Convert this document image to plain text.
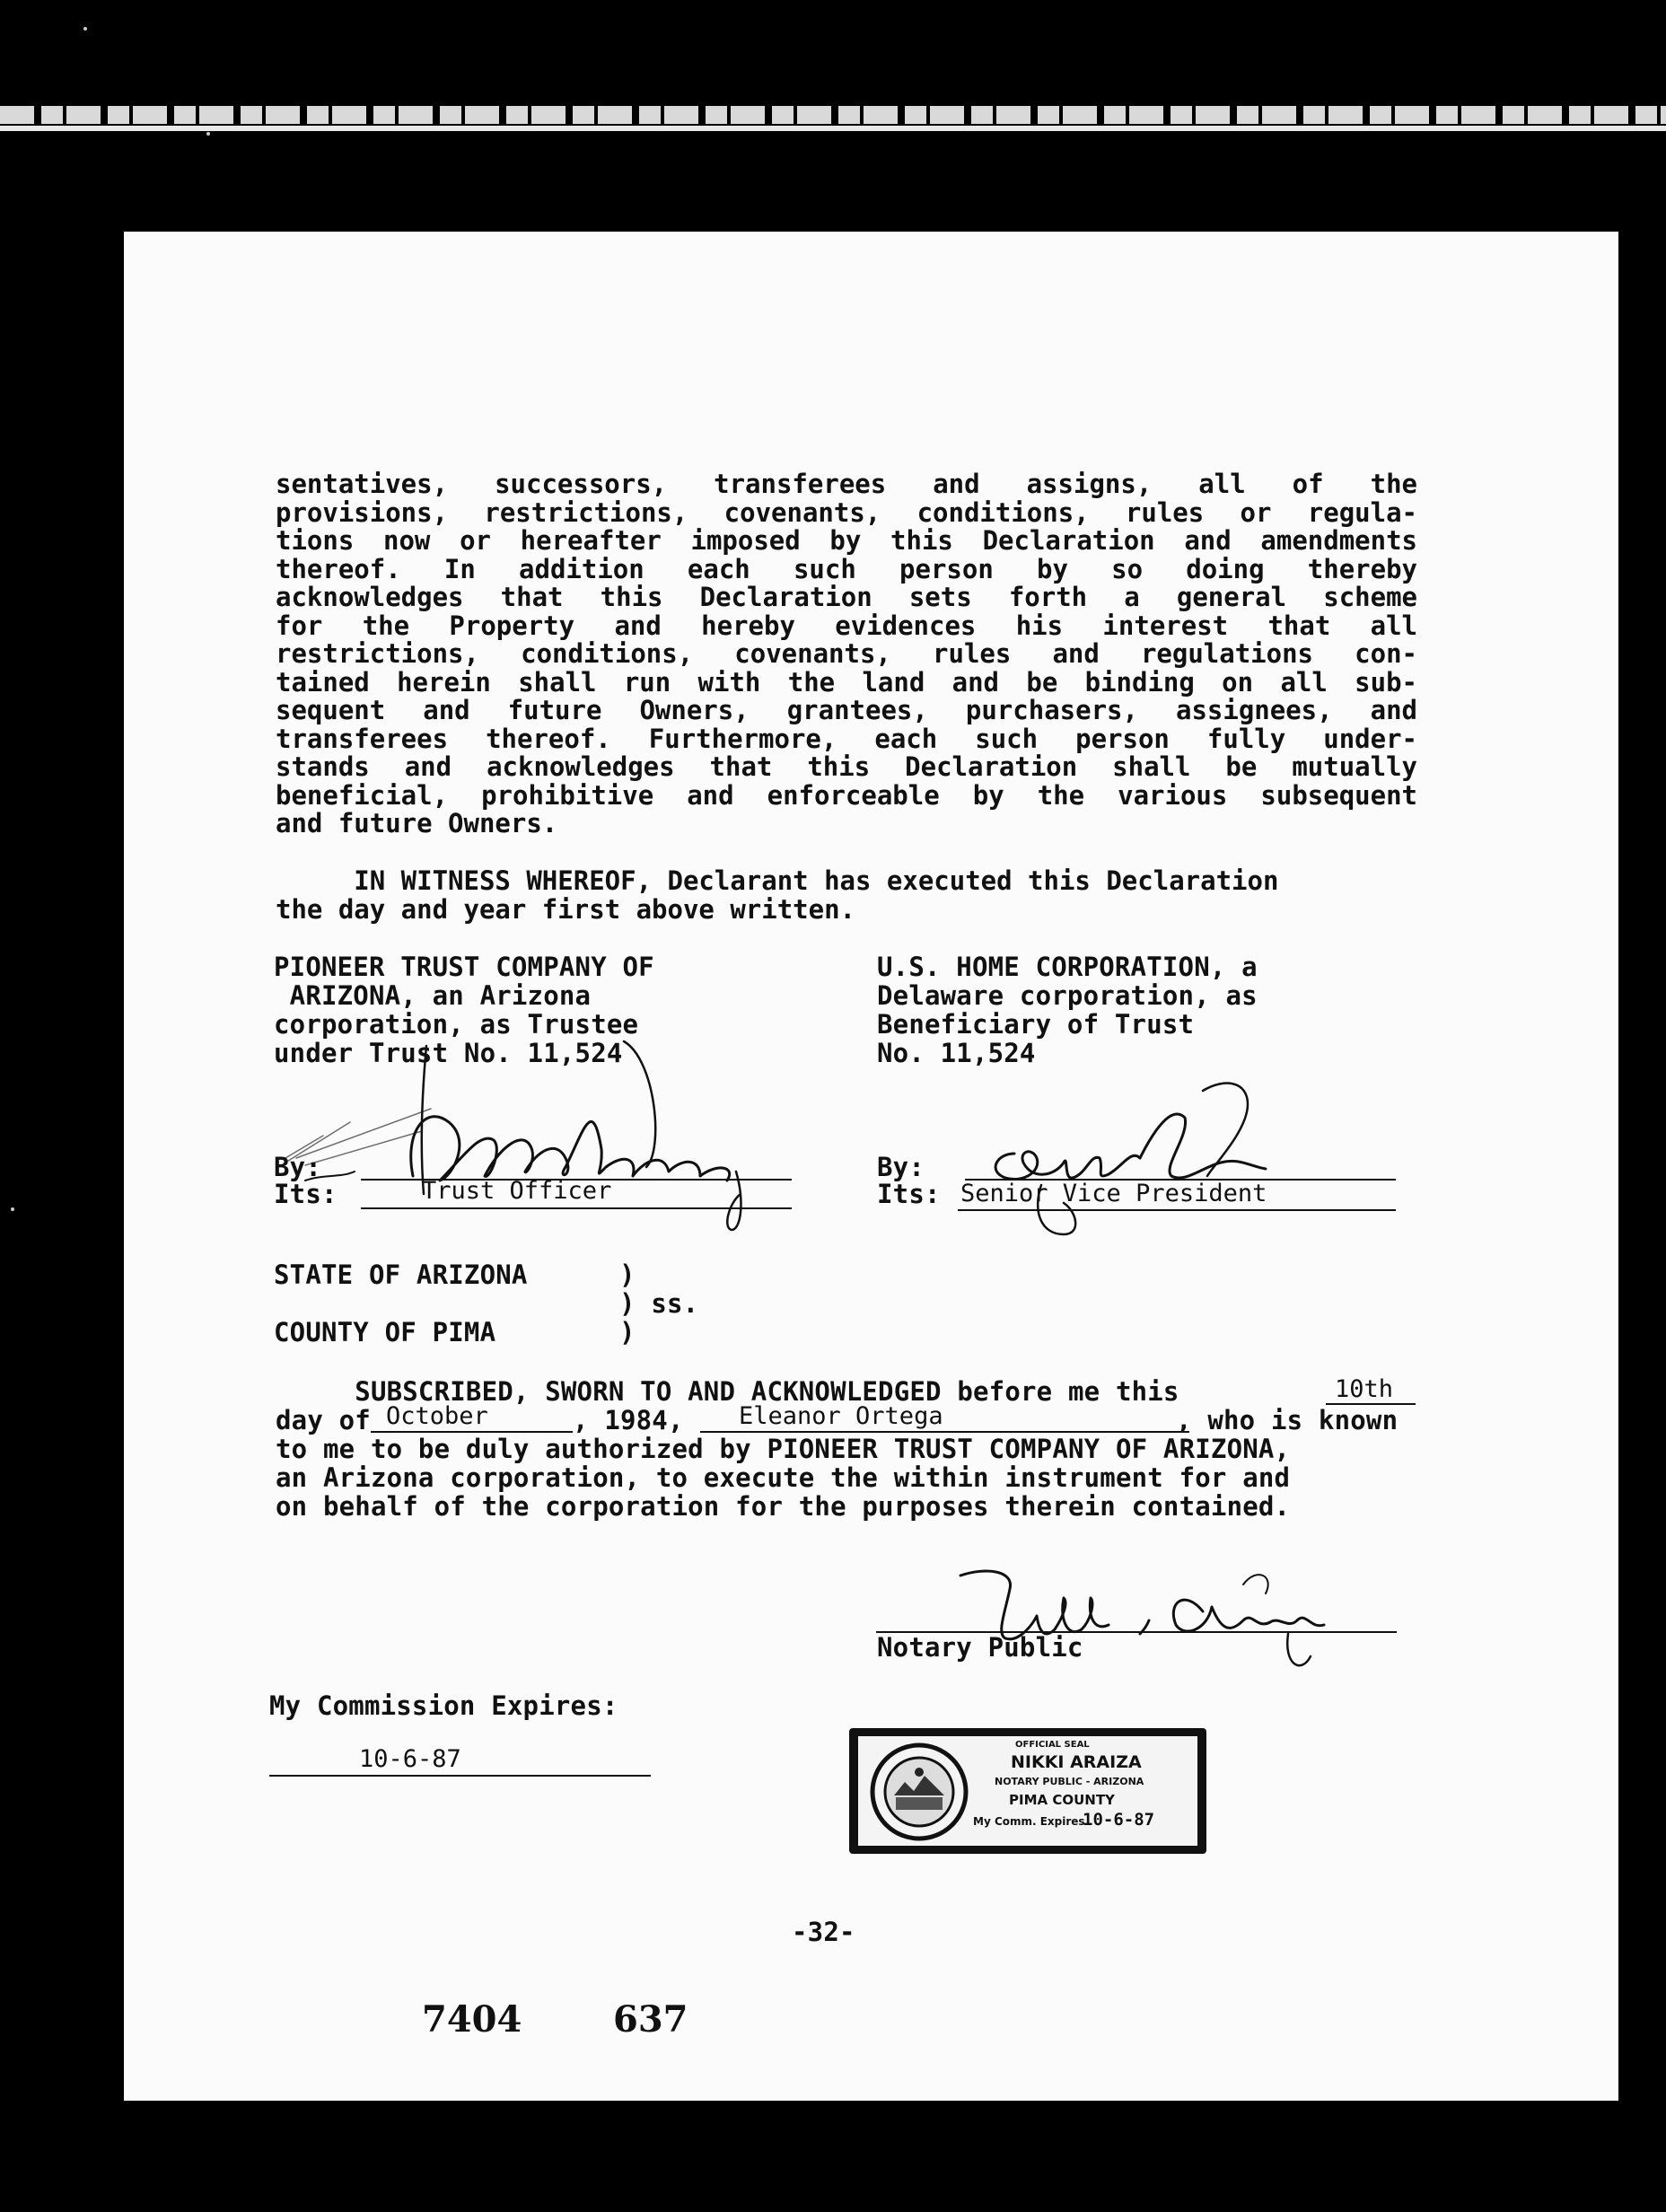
sentatives, successors, transferees and assigns, all of the
provisions, restrictions, covenants, conditions, rules or regula-
tions now or hereafter imposed by this Declaration and amendments
thereof. In addition each such person by so doing thereby
acknowledges that this Declaration sets forth a general scheme
for the Property and hereby evidences his interest that all
restrictions, conditions, covenants, rules and regulations con-
tained herein shall run with the land and be binding on all sub-
sequent and future Owners, grantees, purchasers, assignees, and
transferees thereof. Furthermore, each such person fully under-
stands and acknowledges that this Declaration shall be mutually
beneficial, prohibitive and enforceable by the various subsequent
and future Owners.
IN WITNESS WHEREOF, Declarant has executed this Declaration
the day and year first above written.
PIONEER TRUST COMPANY OF
ARIZONA, an Arizona
corporation, as Trustee
under Trust No. 11,524
U.S. HOME CORPORATION, a
Delaware corporation, as
Beneficiary of Trust
No. 11,524
By:
Its:	Trust Officer
By:
Its: Senior Vice President
STATE OF ARIZONA	)
) ss.
COUNTY OF PIMA	)
SUBSCRIBED, SWORN TO AND ACKNOWLEDGED before me this	10th
day of October	, 1984, Eleanor Ortega	, who is known
to me to be duly authorized by PIONEER TRUST COMPANY OF ARIZONA,
an Arizona corporation, to execute the within instrument for and
on behalf of the corporation for the purposes therein contained.
Notary Public
My Commission Expires:
10-6-87
OFFICIAL SEAL
NIKKI ARAIZA
NOTARY PUBLIC - ARIZONA
PIMA COUNTY
My Comm. Expires
10-6-87
-32-
7404	637
